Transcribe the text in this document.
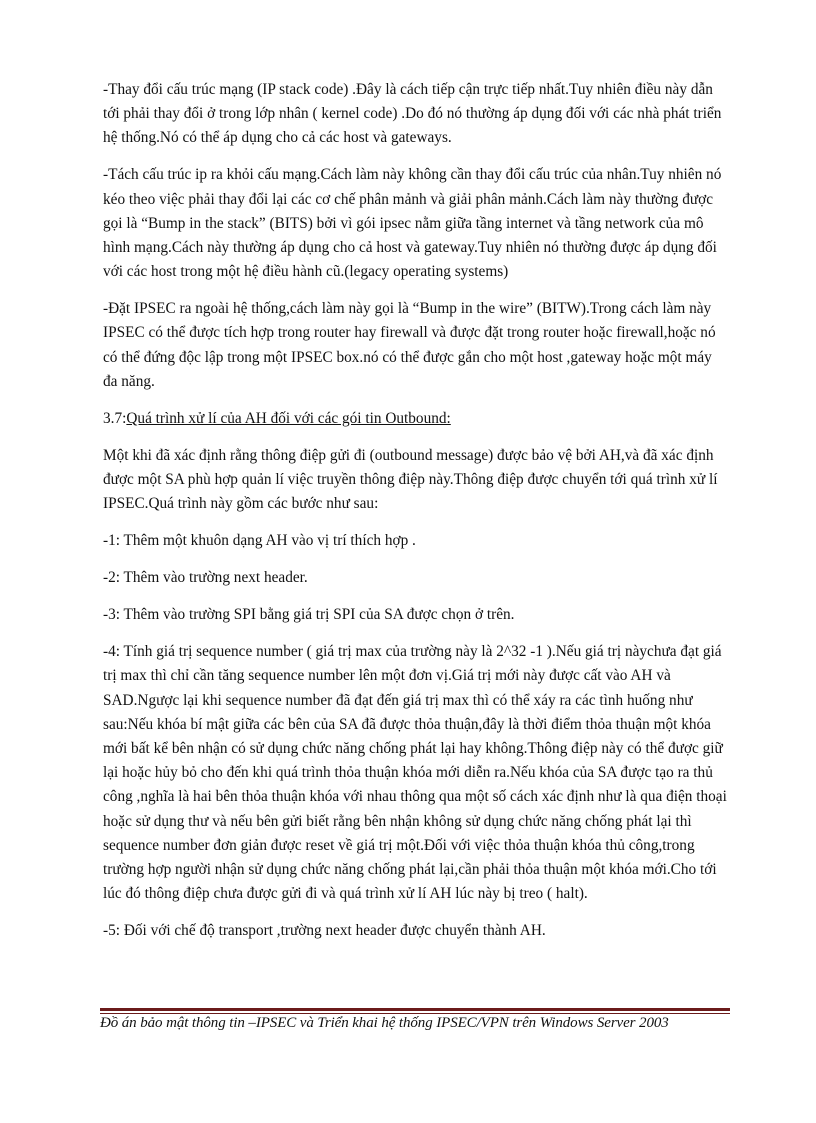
-Thay đổi cấu trúc mạng (IP stack code) .Đây là cách tiếp cận trực tiếp nhất.Tuy nhiên điều này dẫn tới phải thay đổi ở trong lớp nhân ( kernel code) .Do đó nó thường áp dụng đối với các nhà phát triển hệ thống.Nó có thể áp dụng cho cả các host và gateways.

-Tách cấu trúc ip ra khỏi cấu mạng.Cách làm này không cần thay đổi cấu trúc của nhân.Tuy nhiên nó kéo theo việc phải thay đổi lại các cơ chế phân mảnh và giải phân mảnh.Cách làm này thường được gọi là “Bump in the stack” (BITS) bởi vì gói ipsec nằm giữa tầng internet và tầng network của mô hình mạng.Cách này thường áp dụng cho cả host và gateway.Tuy nhiên nó thường được áp dụng đối với các host trong một hệ điều hành cũ.(legacy operating systems)

-Đặt IPSEC ra ngoài hệ thống,cách làm này gọi là “Bump in the wire” (BITW).Trong cách làm này IPSEC có thể được tích hợp trong router hay firewall và được đặt trong router hoặc firewall,hoặc nó có thể đứng độc lập trong một IPSEC box.nó có thể được gắn cho một host ,gateway hoặc một máy đa năng.

3.7:Quá trình xử lí của AH đối với các gói tin Outbound:

Một khi đã xác định rằng thông điệp gửi đi (outbound message) được bảo vệ bởi AH,và đã xác định được một SA phù hợp quản lí việc truyền thông điệp này.Thông điệp được chuyển tới quá trình xử lí IPSEC.Quá trình này gồm các bước như sau:

-1: Thêm một khuôn dạng AH vào vị trí thích hợp .

-2: Thêm vào trường next header.

-3: Thêm vào trường SPI bằng giá trị SPI của SA được chọn ở trên.

-4: Tính giá trị sequence number ( giá trị max của trường này là 2^32 -1 ).Nếu giá trị nàychưa đạt giá trị max thì chỉ cần tăng sequence number lên một đơn vị.Giá trị mới này được cất vào AH và SAD.Ngược lại khi sequence number đã đạt đến giá trị max thì có thể xáy ra các tình huống như sau:Nếu khóa bí mật giữa các bên của SA đã được thỏa thuận,đây là thời điểm thỏa thuận một khóa mới bất kể bên nhận có sử dụng chức năng chống phát lại hay không.Thông điệp này có thể được giữ lại hoặc hủy bỏ cho đến khi quá trình thỏa thuận khóa mới diễn ra.Nếu khóa của SA được tạo ra thủ công ,nghĩa là hai bên thỏa thuận khóa với nhau thông qua một số cách xác định như là qua điện thoại hoặc sử dụng thư và nếu bên gửi biết rằng bên nhận không sử dụng chức năng chống phát lại thì sequence number đơn giản được reset về giá trị một.Đối với việc thỏa thuận khóa thủ công,trong trường hợp người nhận sử dụng chức năng chống phát lại,cần phải thỏa thuận một khóa mới.Cho tới lúc đó thông điệp chưa được gửi đi và quá trình xử lí AH lúc này bị treo ( halt).

-5: Đối với chế độ transport ,trường next header được chuyển thành AH.

Đồ án bảo mật thông tin –IPSEC và Triển khai hệ thống IPSEC/VPN trên Windows Server 2003
